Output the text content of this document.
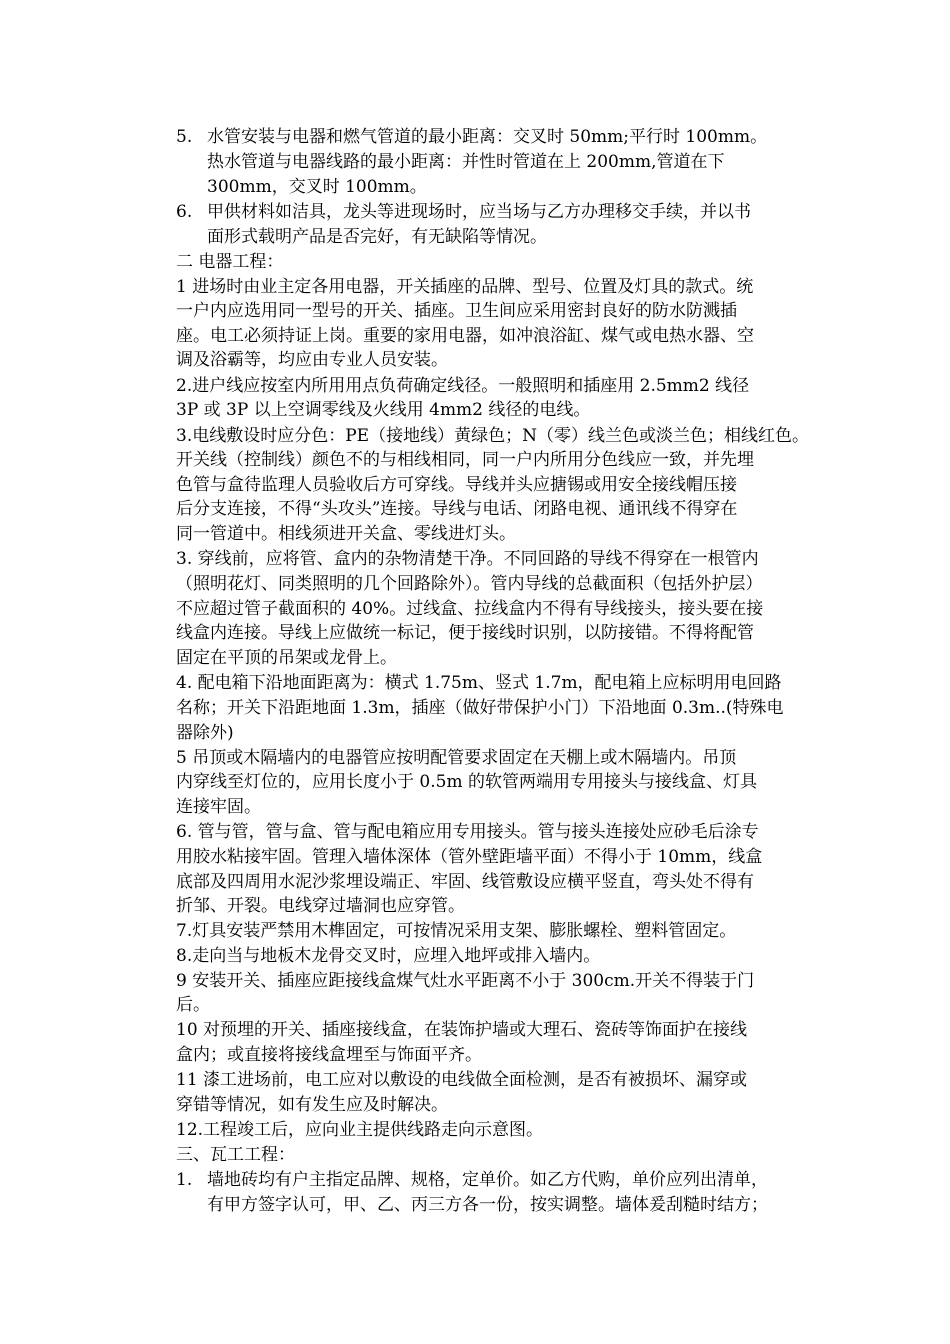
5. 水管安装与电器和燃气管道的最小距离：交叉时 50mm;平行时 100mm。
热水管道与电器线路的最小距离：并性时管道在上 200mm,管道在下
300mm，交叉时 100mm。
6. 甲供材料如洁具，龙头等进现场时，应当场与乙方办理移交手续，并以书
面形式载明产品是否完好，有无缺陷等情况。
二 电器工程：
1 进场时由业主定各用电器，开关插座的品牌、型号、位置及灯具的款式。统
一户内应选用同一型号的开关、插座。卫生间应采用密封良好的防水防溅插
座。电工必须持证上岗。重要的家用电器，如冲浪浴缸、煤气或电热水器、空
调及浴霸等，均应由专业人员安装。
2.进户线应按室内所用用点负荷确定线径。一般照明和插座用 2.5mm2 线径
3P 或 3P 以上空调零线及火线用 4mm2 线径的电线。
3.电线敷设时应分色：PE（接地线）黄绿色；N（零）线兰色或淡兰色；相线红色。
开关线（控制线）颜色不的与相线相同，同一户内所用分色线应一致，并先埋
色管与盒待监理人员验收后方可穿线。导线并头应搪锡或用安全接线帽压接
后分支连接，不得“头攻头”连接。导线与电话、闭路电视、通讯线不得穿在
同一管道中。相线须进开关盒、零线进灯头。
3. 穿线前，应将管、盒内的杂物清楚干净。不同回路的导线不得穿在一根管内
（照明花灯、同类照明的几个回路除外）。管内导线的总截面积（包括外护层）
不应超过管子截面积的 40%。过线盒、拉线盒内不得有导线接头，接头要在接
线盒内连接。导线上应做统一标记，便于接线时识别，以防接错。不得将配管
固定在平顶的吊架或龙骨上。
4. 配电箱下沿地面距离为：横式 1.75m、竖式 1.7m，配电箱上应标明用电回路
名称；开关下沿距地面 1.3m，插座（做好带保护小门）下沿地面 0.3m..(特殊电
器除外)
5 吊顶或木隔墙内的电器管应按明配管要求固定在天棚上或木隔墙内。吊顶
内穿线至灯位的，应用长度小于 0.5m 的软管两端用专用接头与接线盒、灯具
连接牢固。
6. 管与管，管与盒、管与配电箱应用专用接头。管与接头连接处应砂毛后涂专
用胶水粘接牢固。管理入墙体深体（管外壁距墙平面）不得小于 10mm，线盒
底部及四周用水泥沙浆埋设端正、牢固、线管敷设应横平竖直，弯头处不得有
折邹、开裂。电线穿过墙洞也应穿管。
7.灯具安装严禁用木榫固定，可按情况采用支架、膨胀螺栓、塑料管固定。
8.走向当与地板木龙骨交叉时，应埋入地坪或排入墙内。
9 安装开关、插座应距接线盒煤气灶水平距离不小于 300cm.开关不得装于门
后。
10 对预埋的开关、插座接线盒，在装饰护墙或大理石、瓷砖等饰面护在接线
盒内；或直接将接线盒埋至与饰面平齐。
11 漆工进场前，电工应对以敷设的电线做全面检测，是否有被损坏、漏穿或
穿错等情况，如有发生应及时解决。
12.工程竣工后，应向业主提供线路走向示意图。
三、瓦工工程：
1. 墙地砖均有户主指定品牌、规格，定单价。如乙方代购，单价应列出清单，
有甲方签字认可，甲、乙、丙三方各一份，按实调整。墙体爰刮糙时结方；
